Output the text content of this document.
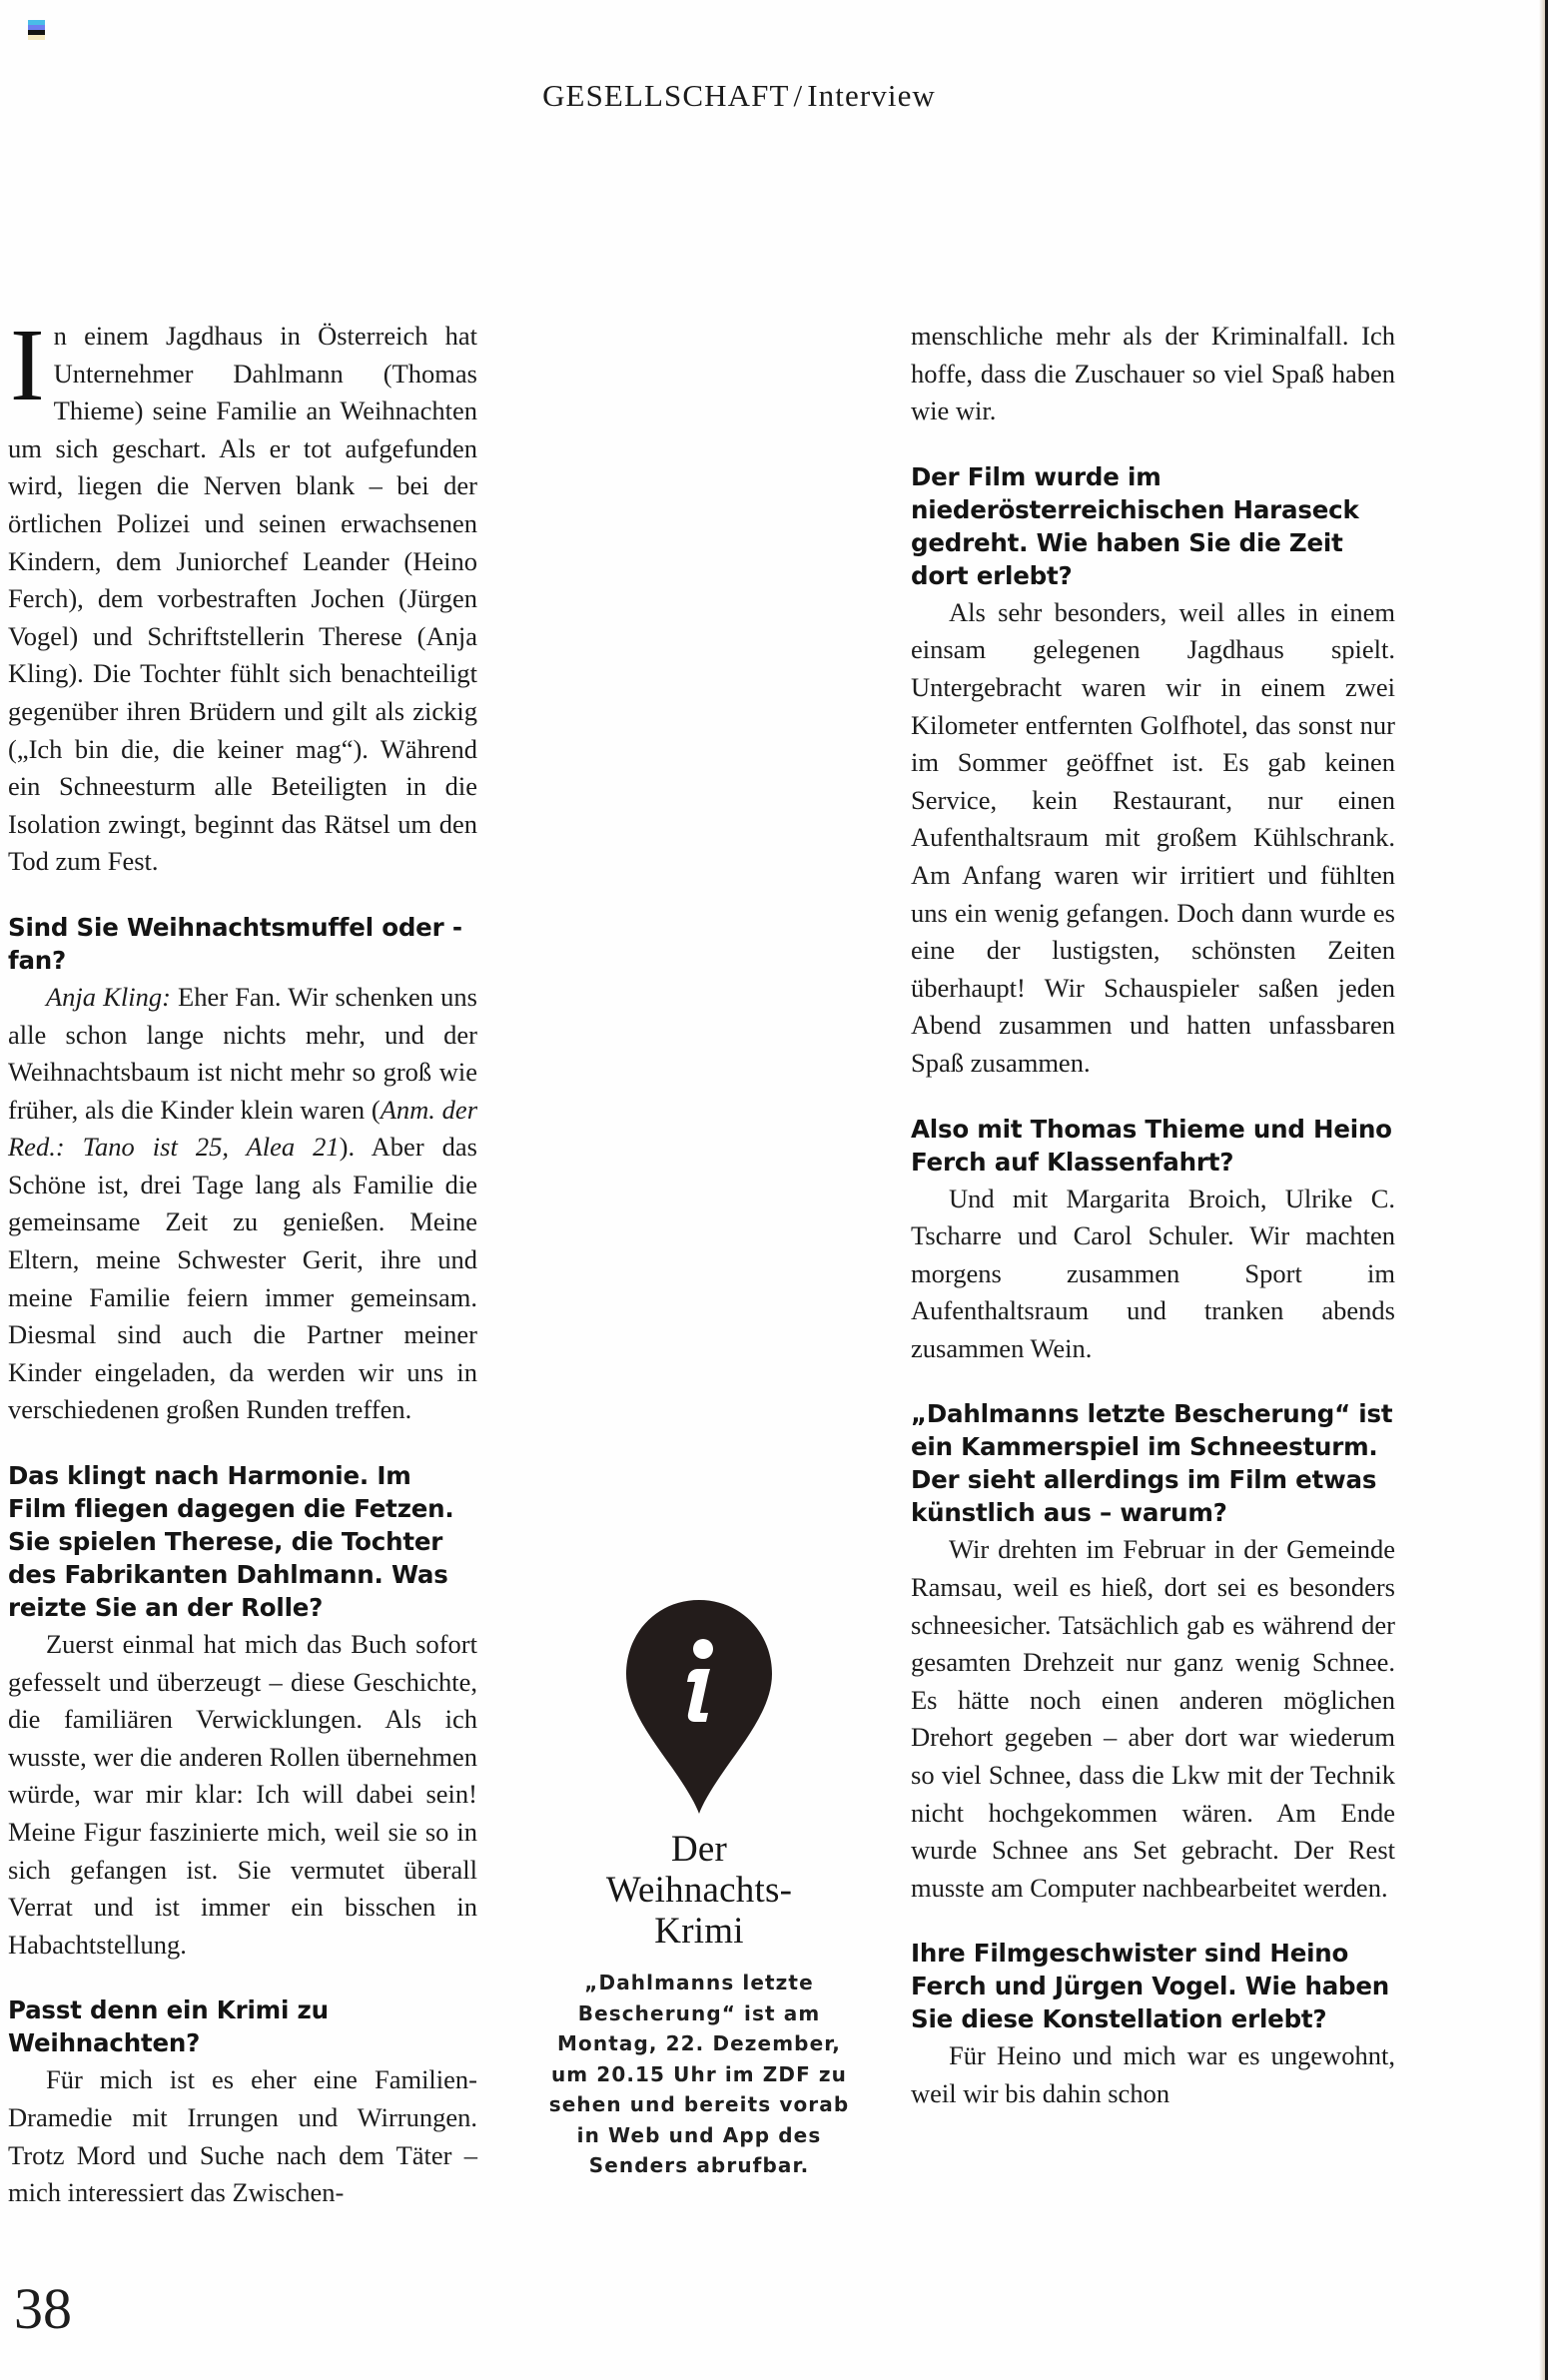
GESELLSCHAFT / Interview

In einem Jagdhaus in Österreich hat Unternehmer Dahlmann (Thomas Thieme) seine Familie an Weihnachten um sich geschart. Als er tot aufgefunden wird, liegen die Nerven blank – bei der örtlichen Polizei und seinen erwachsenen Kindern, dem Juniorchef Leander (Heino Ferch), dem vorbestraften Jochen (Jürgen Vogel) und Schriftstellerin Therese (Anja Kling). Die Tochter fühlt sich benachteiligt gegenüber ihren Brüdern und gilt als zickig („Ich bin die, die keiner mag“). Während ein Schneesturm alle Beteiligten in die Isolation zwingt, beginnt das Rätsel um den Tod zum Fest.

Sind Sie Weihnachtsmuffel oder -fan?

Anja Kling: Eher Fan. Wir schenken uns alle schon lange nichts mehr, und der Weihnachtsbaum ist nicht mehr so groß wie früher, als die Kinder klein waren (Anm. der Red.: Tano ist 25, Alea 21). Aber das Schöne ist, drei Tage lang als Familie die gemeinsame Zeit zu genießen. Meine Eltern, meine Schwester Gerit, ihre und meine Familie feiern immer gemeinsam. Diesmal sind auch die Partner meiner Kinder eingeladen, da werden wir uns in verschiedenen großen Runden treffen.

Das klingt nach Harmonie. Im Film fliegen dagegen die Fetzen. Sie spielen Therese, die Tochter des Fabrikanten Dahlmann. Was reizte Sie an der Rolle?

Zuerst einmal hat mich das Buch sofort gefesselt und überzeugt – diese Geschichte, die familiären Verwicklungen. Als ich wusste, wer die anderen Rollen übernehmen würde, war mir klar: Ich will dabei sein! Meine Figur faszinierte mich, weil sie so in sich gefangen ist. Sie vermutet überall Verrat und ist immer ein bisschen in Habachtstellung.

Passt denn ein Krimi zu Weihnachten?

Für mich ist es eher eine Familien-Dramedie mit Irrungen und Wirrungen. Trotz Mord und Suche nach dem Täter – mich interessiert das Zwischen-

menschliche mehr als der Kriminalfall. Ich hoffe, dass die Zuschauer so viel Spaß haben wie wir.

Der Film wurde im niederösterreichischen Haraseck gedreht. Wie haben Sie die Zeit dort erlebt?

Als sehr besonders, weil alles in einem einsam gelegenen Jagdhaus spielt. Untergebracht waren wir in einem zwei Kilometer entfernten Golfhotel, das sonst nur im Sommer geöffnet ist. Es gab keinen Service, kein Restaurant, nur einen Aufenthaltsraum mit großem Kühlschrank. Am Anfang waren wir irritiert und fühlten uns ein wenig gefangen. Doch dann wurde es eine der lustigsten, schönsten Zeiten überhaupt! Wir Schauspieler saßen jeden Abend zusammen und hatten unfassbaren Spaß zusammen.

Also mit Thomas Thieme und Heino Ferch auf Klassenfahrt?

Und mit Margarita Broich, Ulrike C. Tscharre und Carol Schuler. Wir machten morgens zusammen Sport im Aufenthaltsraum und tranken abends zusammen Wein.

„Dahlmanns letzte Bescherung“ ist ein Kammerspiel im Schneesturm. Der sieht allerdings im Film etwas künstlich aus – warum?

Wir drehten im Februar in der Gemeinde Ramsau, weil es hieß, dort sei es besonders schneesicher. Tatsächlich gab es während der gesamten Drehzeit nur ganz wenig Schnee. Es hätte noch einen anderen möglichen Drehort gegeben – aber dort war wiederum so viel Schnee, dass die Lkw mit der Technik nicht hochgekommen wären. Am Ende wurde Schnee ans Set gebracht. Der Rest musste am Computer nachbearbeitet werden.

Ihre Filmgeschwister sind Heino Ferch und Jürgen Vogel. Wie haben Sie diese Konstellation erlebt?

Für Heino und mich war es ungewohnt, weil wir bis dahin schon

Der
Weihnachts-
Krimi
„Dahlmanns letzte Bescherung“ ist am Montag, 22. Dezember, um 20.15 Uhr im ZDF zu sehen und bereits vorab in Web und App des Senders abrufbar.
38
